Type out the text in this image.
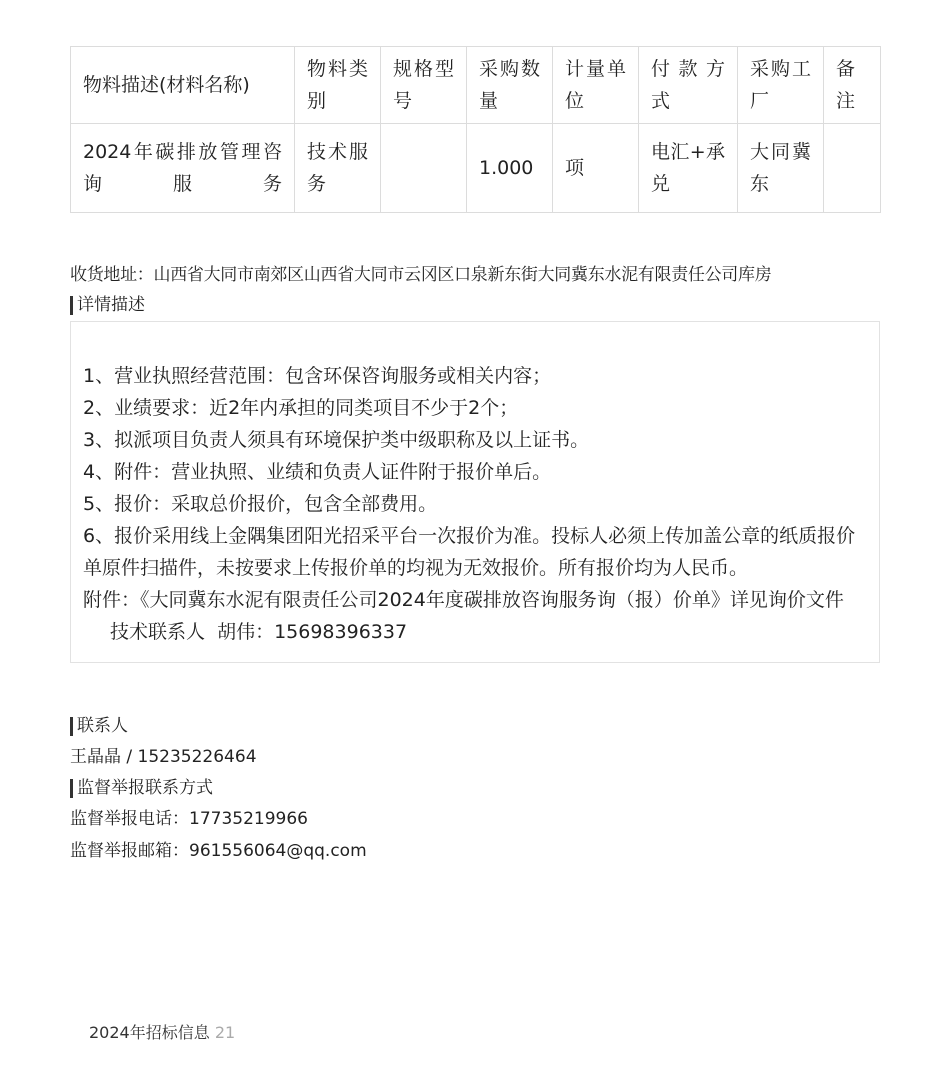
物料描述(材料名称)	物料类别	规格型号	采购数量	计量单位	付款方式	采购工厂	备注
2024年碳排放管理咨询服务	技术服务		1.000	项	电汇+承兑	大同冀东	
收货地址：山西省大同市南郊区山西省大同市云冈区口泉新东街大同冀东水泥有限责任公司库房
详情描述

1、营业执照经营范围：包含环保咨询服务或相关内容；

2、业绩要求：近2年内承担的同类项目不少于2个；

3、拟派项目负责人须具有环境保护类中级职称及以上证书。

4、附件：营业执照、业绩和负责人证件附于报价单后。

5、报价：采取总价报价，包含全部费用。

6、报价采用线上金隅集团阳光招采平台一次报价为准。投标人必须上传加盖公章的纸质报价单原件扫描件，未按要求上传报价单的均视为无效报价。所有报价均为人民币。

附件：《大同冀东水泥有限责任公司2024年度碳排放咨询服务询（报）价单》详见询价文件

技术联系人  胡伟：15698396337

联系人
王晶晶 / 15235226464
监督举报联系方式
监督举报电话：17735219966
监督举报邮箱：961556064@qq.com
2024年招标信息 21
